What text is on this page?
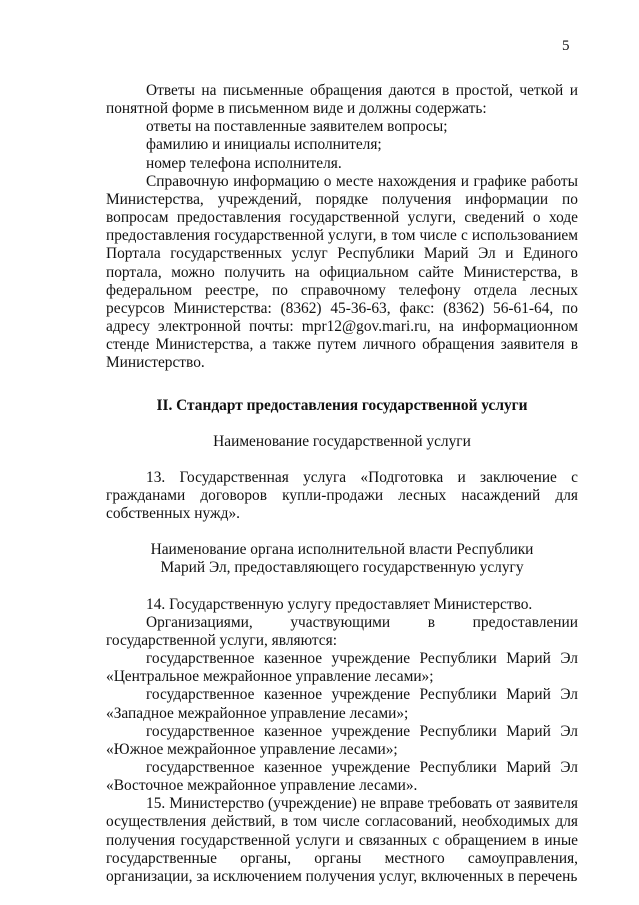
5

Ответы на письменные обращения даются в простой, четкой и понятной форме в письменном виде и должны содержать:

ответы на поставленные заявителем вопросы;

фамилию и инициалы исполнителя;

номер телефона исполнителя.

Справочную информацию о месте нахождения и графике работы Министерства, учреждений, порядке получения информации по вопросам предоставления государственной услуги, сведений о ходе предоставления государственной услуги, в том числе с использованием Портала государственных услуг Республики Марий Эл и Единого портала, можно получить на официальном сайте Министерства, в федеральном реестре, по справочному телефону отдела лесных ресурсов Министерства: (8362) 45-36-63, факс: (8362) 56-61-64, по адресу электронной почты: mpr12@gov.mari.ru, на информационном стенде Министерства, а также путем личного обращения заявителя в Министерство.

II. Стандарт предоставления государственной услуги

Наименование государственной услуги

13. Государственная услуга «Подготовка и заключение с гражданами договоров купли-продажи лесных насаждений для собственных нужд».

Наименование органа исполнительной власти Республики
Марий Эл, предоставляющего государственную услугу

14. Государственную услугу предоставляет Министерство.

Организациями, участвующими в предоставлении государственной услуги, являются:

государственное казенное учреждение Республики Марий Эл «Центральное межрайонное управление лесами»;

государственное казенное учреждение Республики Марий Эл «Западное межрайонное управление лесами»;

государственное казенное учреждение Республики Марий Эл «Южное межрайонное управление лесами»;

государственное казенное учреждение Республики Марий Эл «Восточное межрайонное управление лесами».

15. Министерство (учреждение) не вправе требовать от заявителя осуществления действий, в том числе согласований, необходимых для получения государственной услуги и связанных с обращением в иные государственные органы, органы местного самоуправления, организации, за исключением получения услуг, включенных в перечень
